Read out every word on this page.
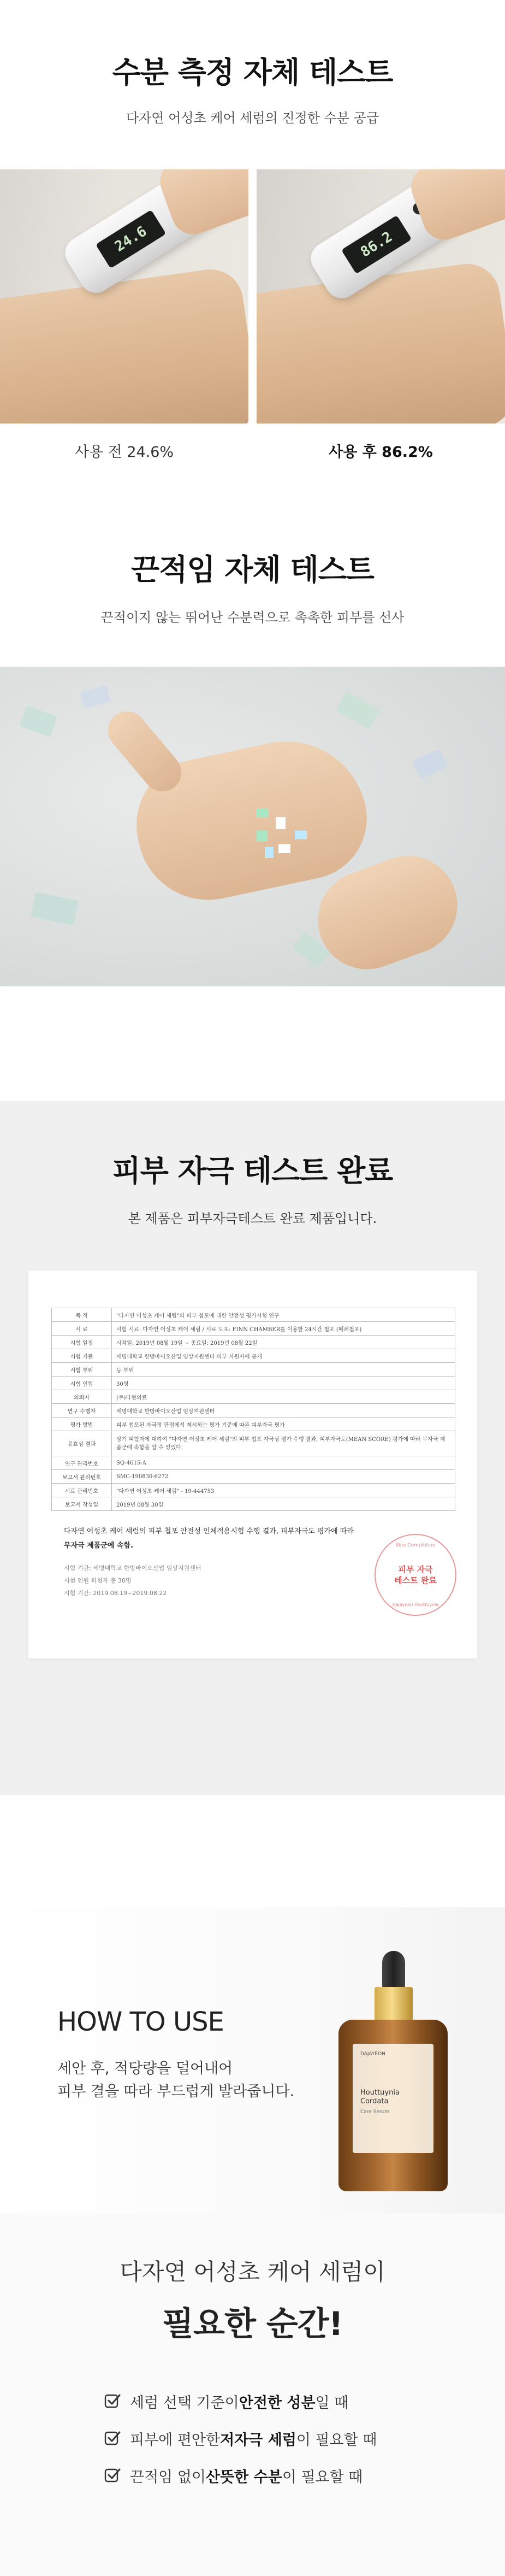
수분 측정 자체 테스트
다자연 어성초 케어 세럼의 진정한 수분 공급
24.6	86.2
사용 전 24.6%	사용 후 86.2%
끈적임 자체 테스트
끈적이지 않는 뛰어난 수분력으로 촉촉한 피부를 선사
피부 자극 테스트 완료
본 제품은 피부자극테스트 완료 제품입니다.
목 적	"다자연 어성초 케어 세럼"의 피부 첩포에 대한 안전성 평가시험 연구
시 료	시험 시료: 다자연 어성초 케어 세럼 / 시료 도포: FINN CHAMBER를 이용한 24시간 첩포 (폐쇄첩포)
시험 일정	시작일: 2019년 08월 19일 ~ 종료일: 2019년 08월 22일
시험 기관	세명대학교 한방바이오산업 임상지원센터 피부 자원자에 공개
시험 부위	등 부위
시험 인원	30명
의뢰자	(주)다현의료
연구 수행자	세명대학교 한방바이오산업 임상지원센터
평가 방법	피부 첩포된 자극정 판정에서 제시하는 평가 기준에 따른 피부자극 평가
유효성 결과	상기 피험자에 대하여 "다자연 어성초 케어 세럼"의 피부 첩포 자극성 평가 수행 결과, 피부자극도(MEAN SCORE) 평가에 따라 무자극 제품군에 속함을 알 수 있었다.
연구 관리번호	SQ-4615-A
보고서 관리번호	SMC-190830-6272
시료 관리번호	"다자연 어성초 케어 세럼" - 19-444753
보고서 작성일	2019년 08월 30일
다자연 어성초 케어 세럼의 피부 첩포 안전성 인체적용시험 수행 결과, 피부자극도 평가에 따라 무자극 제품군에 속함.
시험 기관: 세명대학교 한방바이오산업 임상지원센터
시험 인원 피험자 총 30명
시험 기간: 2019.08.19~2019.08.22
Skin Completion
피부 자극
테스트 완료
Dajayeon Houttuynia
HOW TO USE
세안 후, 적당량을 덜어내어
피부 결을 따라 부드럽게 발라줍니다.
DAJAYEON
Houttuynia
Cordata
Care Serum
다자연 어성초 케어 세럼이
필요한 순간!
세럼 선택 기준이 안전한 성분 일 때
피부에 편안한 저자극 세럼 이 필요할 때
끈적임 없이 산뜻한 수분 이 필요할 때
